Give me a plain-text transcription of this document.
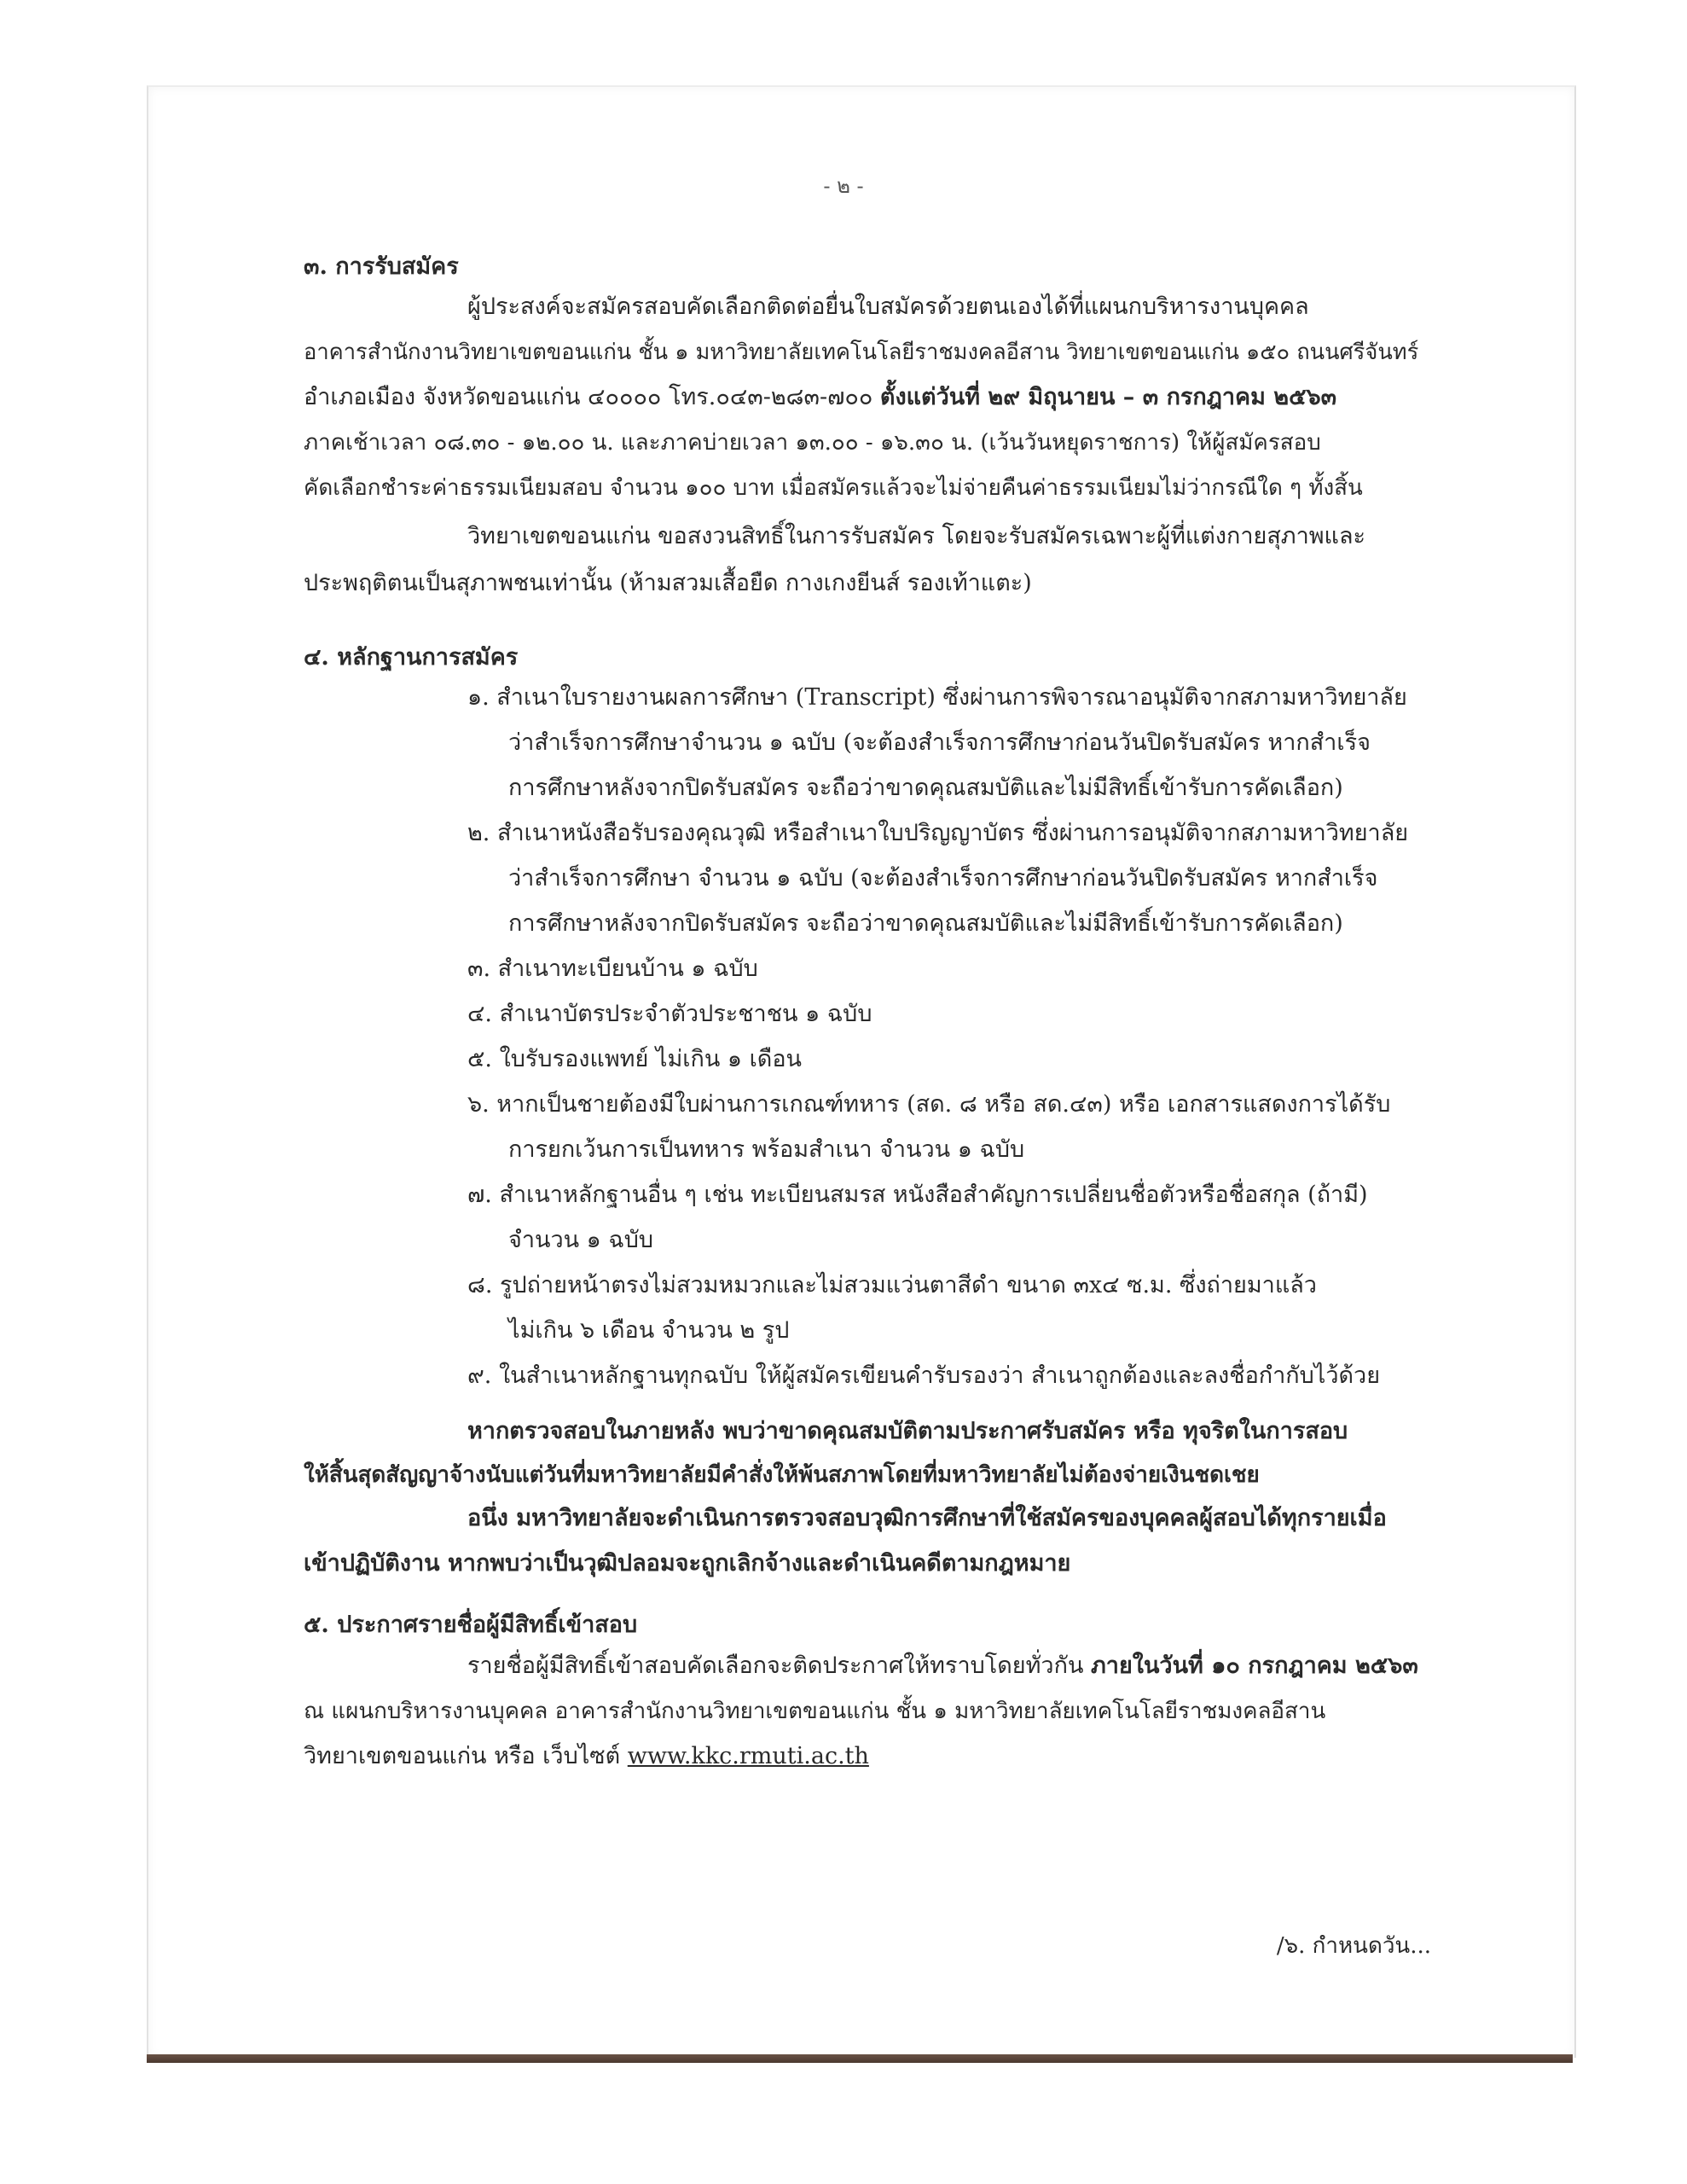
- ๒ -
๓. การรับสมัคร
ผู้ประสงค์จะสมัครสอบคัดเลือกติดต่อยื่นใบสมัครด้วยตนเองได้ที่แผนกบริหารงานบุคคล
อาคารสำนักงานวิทยาเขตขอนแก่น ชั้น ๑ มหาวิทยาลัยเทคโนโลยีราชมงคลอีสาน วิทยาเขตขอนแก่น ๑๕๐ ถนนศรีจันทร์
อำเภอเมือง จังหวัดขอนแก่น ๔๐๐๐๐ โทร.๐๔๓-๒๘๓-๗๐๐ ตั้งแต่วันที่ ๒๙ มิถุนายน – ๓ กรกฎาคม ๒๕๖๓
ภาคเช้าเวลา ๐๘.๓๐ - ๑๒.๐๐ น. และภาคบ่ายเวลา ๑๓.๐๐ - ๑๖.๓๐ น. (เว้นวันหยุดราชการ) ให้ผู้สมัครสอบ
คัดเลือกชำระค่าธรรมเนียมสอบ จำนวน ๑๐๐ บาท เมื่อสมัครแล้วจะไม่จ่ายคืนค่าธรรมเนียมไม่ว่ากรณีใด ๆ ทั้งสิ้น
วิทยาเขตขอนแก่น ขอสงวนสิทธิ์ในการรับสมัคร โดยจะรับสมัครเฉพาะผู้ที่แต่งกายสุภาพและ
ประพฤติตนเป็นสุภาพชนเท่านั้น (ห้ามสวมเสื้อยืด กางเกงยีนส์ รองเท้าแตะ)
๔. หลักฐานการสมัคร
๑. สำเนาใบรายงานผลการศึกษา (Transcript) ซึ่งผ่านการพิจารณาอนุมัติจากสภามหาวิทยาลัย
ว่าสำเร็จการศึกษาจำนวน ๑ ฉบับ (จะต้องสำเร็จการศึกษาก่อนวันปิดรับสมัคร หากสำเร็จ
การศึกษาหลังจากปิดรับสมัคร จะถือว่าขาดคุณสมบัติและไม่มีสิทธิ์เข้ารับการคัดเลือก)
๒. สำเนาหนังสือรับรองคุณวุฒิ หรือสำเนาใบปริญญาบัตร ซึ่งผ่านการอนุมัติจากสภามหาวิทยาลัย
ว่าสำเร็จการศึกษา จำนวน ๑ ฉบับ (จะต้องสำเร็จการศึกษาก่อนวันปิดรับสมัคร หากสำเร็จ
การศึกษาหลังจากปิดรับสมัคร จะถือว่าขาดคุณสมบัติและไม่มีสิทธิ์เข้ารับการคัดเลือก)
๓. สำเนาทะเบียนบ้าน ๑ ฉบับ
๔. สำเนาบัตรประจำตัวประชาชน ๑ ฉบับ
๕. ใบรับรองแพทย์ ไม่เกิน ๑ เดือน
๖. หากเป็นชายต้องมีใบผ่านการเกณฑ์ทหาร (สด. ๘ หรือ สด.๔๓) หรือ เอกสารแสดงการได้รับ
การยกเว้นการเป็นทหาร พร้อมสำเนา จำนวน ๑ ฉบับ
๗. สำเนาหลักฐานอื่น ๆ เช่น ทะเบียนสมรส หนังสือสำคัญการเปลี่ยนชื่อตัวหรือชื่อสกุล (ถ้ามี)
จำนวน ๑ ฉบับ
๘. รูปถ่ายหน้าตรงไม่สวมหมวกและไม่สวมแว่นตาสีดำ ขนาด ๓x๔ ซ.ม. ซึ่งถ่ายมาแล้ว
ไม่เกิน ๖ เดือน จำนวน ๒ รูป
๙. ในสำเนาหลักฐานทุกฉบับ ให้ผู้สมัครเขียนคำรับรองว่า สำเนาถูกต้องและลงชื่อกำกับไว้ด้วย
หากตรวจสอบในภายหลัง พบว่าขาดคุณสมบัติตามประกาศรับสมัคร หรือ ทุจริตในการสอบ
ให้สิ้นสุดสัญญาจ้างนับแต่วันที่มหาวิทยาลัยมีคำสั่งให้พ้นสภาพโดยที่มหาวิทยาลัยไม่ต้องจ่ายเงินชดเชย
อนึ่ง มหาวิทยาลัยจะดำเนินการตรวจสอบวุฒิการศึกษาที่ใช้สมัครของบุคคลผู้สอบได้ทุกรายเมื่อ
เข้าปฏิบัติงาน หากพบว่าเป็นวุฒิปลอมจะถูกเลิกจ้างและดำเนินคดีตามกฎหมาย
๕. ประกาศรายชื่อผู้มีสิทธิ์เข้าสอบ
รายชื่อผู้มีสิทธิ์เข้าสอบคัดเลือกจะติดประกาศให้ทราบโดยทั่วกัน ภายในวันที่ ๑๐ กรกฎาคม ๒๕๖๓
ณ แผนกบริหารงานบุคคล อาคารสำนักงานวิทยาเขตขอนแก่น ชั้น ๑ มหาวิทยาลัยเทคโนโลยีราชมงคลอีสาน
วิทยาเขตขอนแก่น หรือ เว็บไซต์ www.kkc.rmuti.ac.th
/๖. กำหนดวัน...
